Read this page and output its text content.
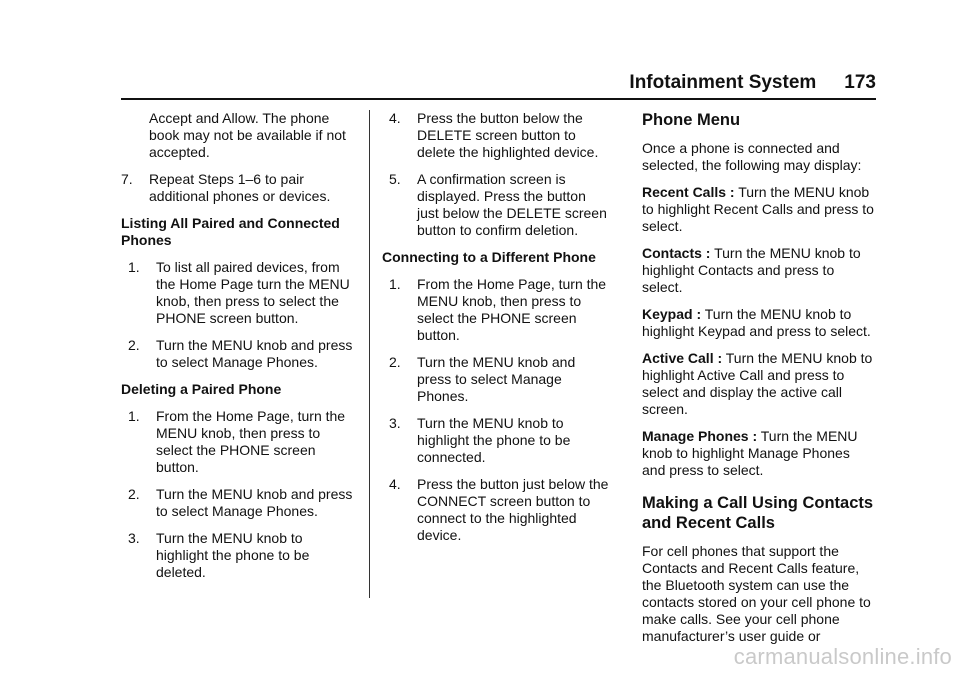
Infotainment System 173

Accept and Allow. The phone book may not be available if not accepted.

7.	Repeat Steps 1–6 to pair additional phones or devices.

Listing All Paired and Connected Phones

1.	To list all paired devices, from the Home Page turn the MENU knob, then press to select the PHONE screen button.
2.	Turn the MENU knob and press to select Manage Phones.

Deleting a Paired Phone

1.	From the Home Page, turn the MENU knob, then press to select the PHONE screen button.
2.	Turn the MENU knob and press to select Manage Phones.
3.	Turn the MENU knob to highlight the phone to be deleted.
4.	Press the button below the DELETE screen button to delete the highlighted device.
5.	A confirmation screen is displayed. Press the button just below the DELETE screen button to confirm deletion.

Connecting to a Different Phone

1.	From the Home Page, turn the MENU knob, then press to select the PHONE screen button.
2.	Turn the MENU knob and press to select Manage Phones.
3.	Turn the MENU knob to highlight the phone to be connected.
4.	Press the button just below the CONNECT screen button to connect to the highlighted device.

Phone Menu

Once a phone is connected and selected, the following may display:

Recent Calls : Turn the MENU knob to highlight Recent Calls and press to select.

Contacts : Turn the MENU knob to highlight Contacts and press to select.

Keypad : Turn the MENU knob to highlight Keypad and press to select.

Active Call : Turn the MENU knob to highlight Active Call and press to select and display the active call screen.

Manage Phones : Turn the MENU knob to highlight Manage Phones and press to select.

Making a Call Using Contacts and Recent Calls

For cell phones that support the Contacts and Recent Calls feature, the Bluetooth system can use the contacts stored on your cell phone to make calls. See your cell phone manufacturer’s user guide or

carmanualsonline.info
